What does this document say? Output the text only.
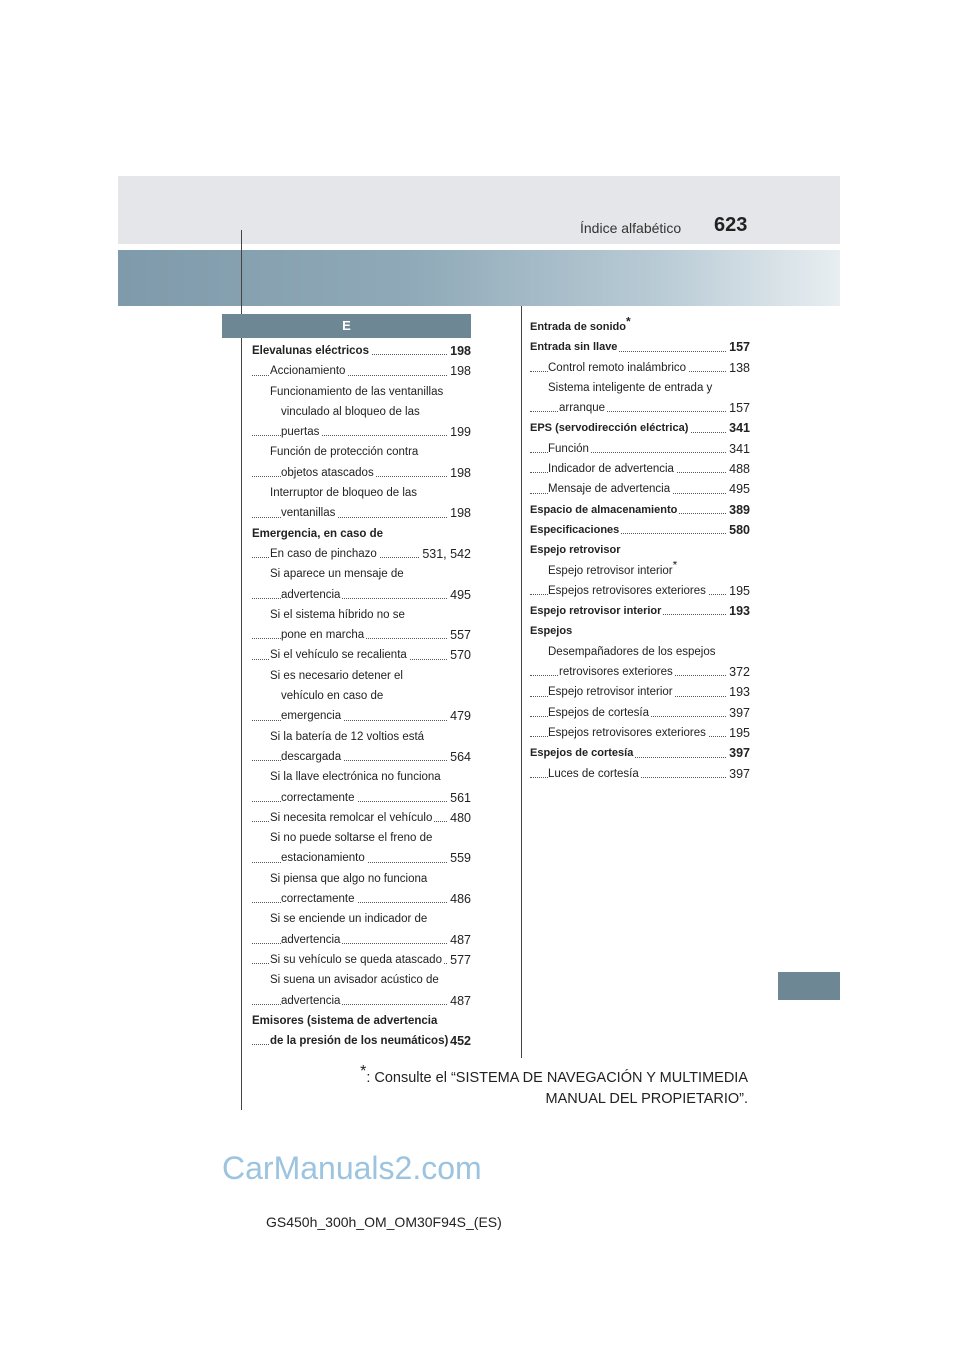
Índice alfabético 623
E
Elevalunas eléctricos	198
Accionamiento	198
Funcionamiento de las ventanillas
vinculado al bloqueo de las
puertas	199
Función de protección contra
objetos atascados	198
Interruptor de bloqueo de las
ventanillas	198
Emergencia, en caso de
En caso de pinchazo	531, 542
Si aparece un mensaje de
advertencia	495
Si el sistema híbrido no se
pone en marcha	557
Si el vehículo se recalienta	570
Si es necesario detener el
vehículo en caso de
emergencia	479
Si la batería de 12 voltios está
descargada	564
Si la llave electrónica no funciona
correctamente	561
Si necesita remolcar el vehículo 480
Si no puede soltarse el freno de
estacionamiento	559
Si piensa que algo no funciona
correctamente	486
Si se enciende un indicador de
advertencia	487
Si su vehículo se queda atascado 577
Si suena un avisador acústico de
advertencia	487
Emisores (sistema de advertencia
de la presión de los neumáticos) 452
Entrada de sonido*
Entrada sin llave	157
Control remoto inalámbrico	138
Sistema inteligente de entrada y
arranque	157
EPS (servodirección eléctrica)	341
Función	341
Indicador de advertencia	488
Mensaje de advertencia	495
Espacio de almacenamiento	389
Especificaciones	580
Espejo retrovisor
Espejo retrovisor interior*
Espejos retrovisores exteriores 195
Espejo retrovisor interior	193
Espejos
Desempañadores de los espejos
retrovisores exteriores	372
Espejo retrovisor interior	193
Espejos de cortesía	397
Espejos retrovisores exteriores 195
Espejos de cortesía	397
Luces de cortesía	397
*: Consulte el “SISTEMA DE NAVEGACIÓN Y MULTIMEDIA
MANUAL DEL PROPIETARIO”.
CarManuals2.com
GS450h_300h_OM_OM30F94S_(ES)
